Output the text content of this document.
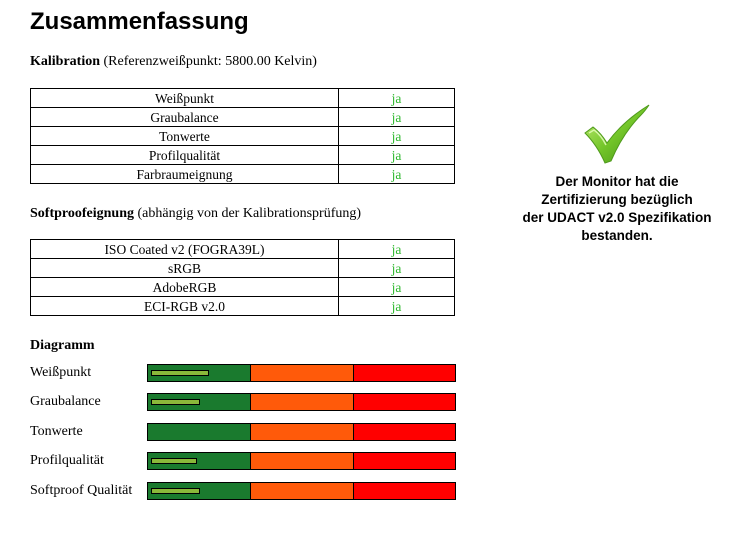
Zusammenfassung
Kalibration (Referenzweißpunkt: 5800.00 Kelvin)
Weißpunkt	ja
Graubalance	ja
Tonwerte	ja
Profilqualität	ja
Farbraumeignung	ja
Softproofeignung (abhängig von der Kalibrationsprüfung)
ISO Coated v2 (FOGRA39L)	ja
sRGB	ja
AdobeRGB	ja
ECI-RGB v2.0	ja
Der Monitor hat die
Zertifizierung bezüglich
der UDACT v2.0 Spezifikation
bestanden.
Diagramm
Weißpunkt
Graubalance
Tonwerte
Profilqualität
Softproof Qualität
